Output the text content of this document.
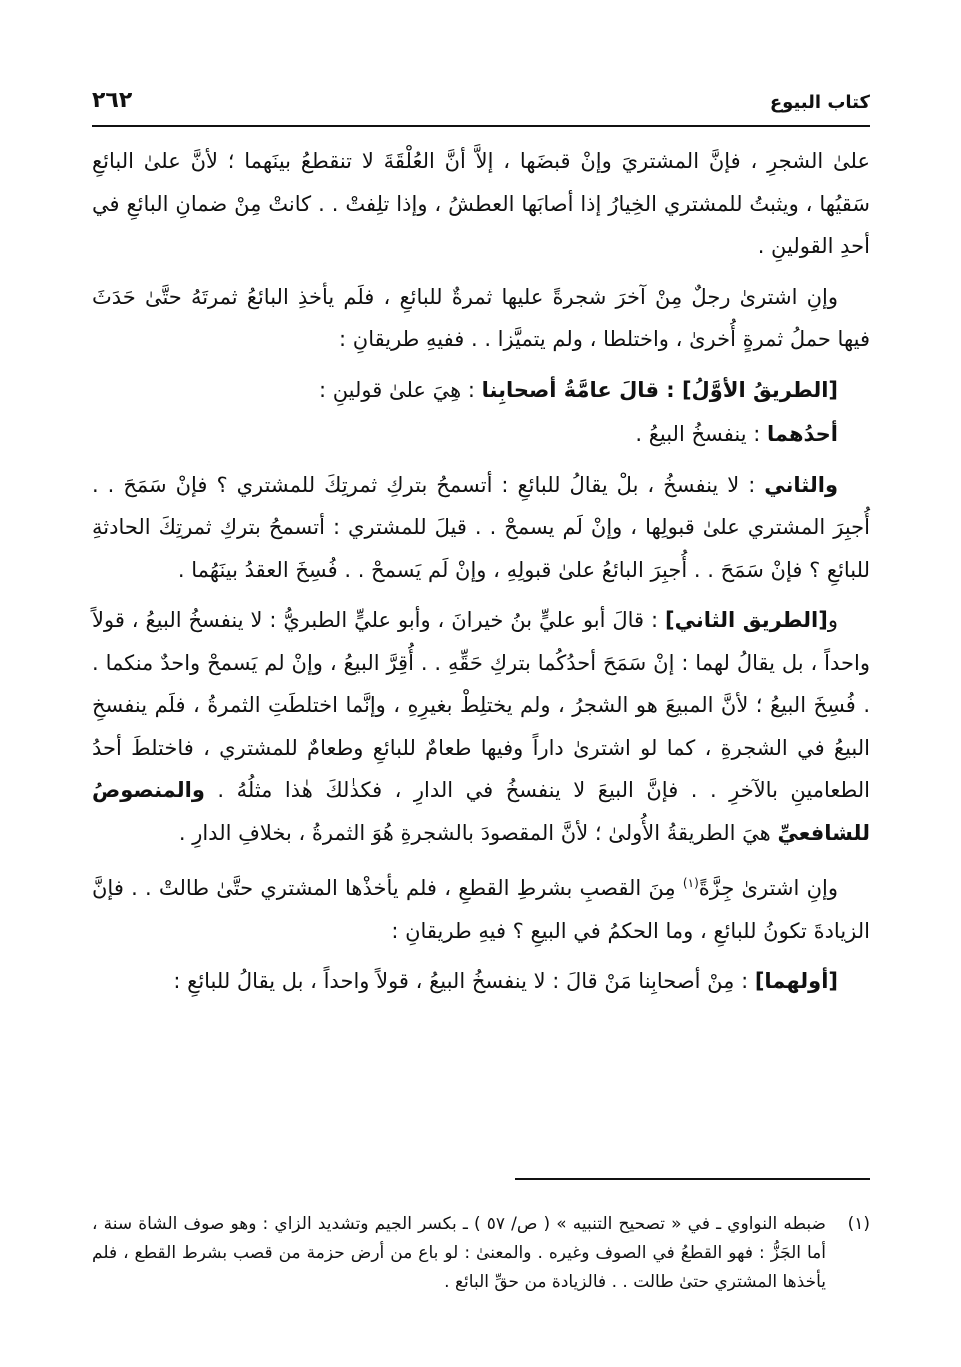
كتاب البيوع
٢٦٢

علىٰ الشجرِ ، فإنَّ المشتريَ وإنْ قبضَها ، إلاَّ أنَّ العُلْقَةَ لا تنقطعُ بينَهما ؛ لأنَّ علىٰ البائعِ سَقيُها ، ويثبتُ للمشتري الخِيارُ إذا أصابَها العطشُ ، وإذا تلِفتْ . . كانتْ مِنْ ضمانِ البائعِ في أحدِ القولينِ .

وإنِ اشترىٰ رجلٌ مِنْ آخرَ شجرةً عليها ثمرةٌ للبائعِ ، فلَم يأخذِ البائعُ ثمرتَهُ حتَّىٰ حَدَثَ فيها حملُ ثمرةٍ أُخرىٰ ، واختلطا ، ولم يتميَّزا . . ففيهِ طريقانِ :

[الطريقُ الأوَّلُ] : قالَ عامَّةُ أصحابِنا : هِيَ علىٰ قولينِ :

أحدُهما : ينفسخُ البيعُ .

والثاني : لا ينفسخُ ، بلْ يقالُ للبائعِ : أتسمحُ بتركِ ثمرتِكَ للمشتري ؟ فإنْ سَمَحَ . . أُجبِرَ المشتري علىٰ قبولِها ، وإنْ لَم يسمحْ . . قيلَ للمشتري : أتسمحُ بتركِ ثمرتِكَ الحادثةِ للبائعِ ؟ فإنْ سَمَحَ . . أُجبِرَ البائعُ علىٰ قبولِهِ ، وإنْ لَم يَسمحْ . . فُسِخَ العقدُ بينَهُما .

و[الطريق الثاني] : قالَ أبو عليٍّ بنُ خيرانَ ، وأبو عليٍّ الطبريُّ : لا ينفسخُ البيعُ ، قولاً واحداً ، بل يقالُ لهما : إنْ سَمَحَ أحدُكُما بتركِ حَقِّهِ . . أُقِرَّ البيعُ ، وإنْ لم يَسمحْ واحدٌ منكما . . فُسِخَ البيعُ ؛ لأنَّ المبيعَ هو الشجرُ ، ولم يختلِطْ بغيرِهِ ، وإنَّما اختلطَتِ الثمرةُ ، فلَم ينفسخِ البيعُ في الشجرةِ ، كما لو اشترىٰ داراً وفيها طعامٌ للبائعِ وطعامٌ للمشتري ، فاختلطَ أحدُ الطعامينِ بالآخرِ . . فإنَّ البيعَ لا ينفسخُ في الدارِ ، فكذٰلكَ هٰذا مثلُهُ . والمنصوصُ للشافعيِّ هيَ الطريقةُ الأُولىٰ ؛ لأنَّ المقصودَ بالشجرةِ هُوَ الثمرةُ ، بخلافِ الدارِ .

وإنِ اشترىٰ جِزَّةً$^{(١)}$ مِنَ القصبِ بشرطِ القطعِ ، فلم يأخذْها المشتري حتَّىٰ طالتْ . . فإنَّ الزيادةَ تكونُ للبائعِ ، وما الحكمُ في البيعِ ؟ فيهِ طريقانِ :

[أولهما] : مِنْ أصحابِنا مَنْ قالَ : لا ينفسخُ البيعُ ، قولاً واحداً ، بل يقالُ للبائعِ :

(١)
ضبطه النواوي ـ في « تصحيح التنبيه » ( ص/ ٥٧ ) ـ بكسر الجيم وتشديد الزاي : وهو صوف الشاة سنة ، أما الجَزُّ : فهو القطعُ في الصوف وغيره . والمعنىٰ : لو باع من أرض حزمة من قصب بشرط القطع ، فلم يأخذها المشتري حتىٰ طالت . . فالزيادة من حقِّ البائع .
